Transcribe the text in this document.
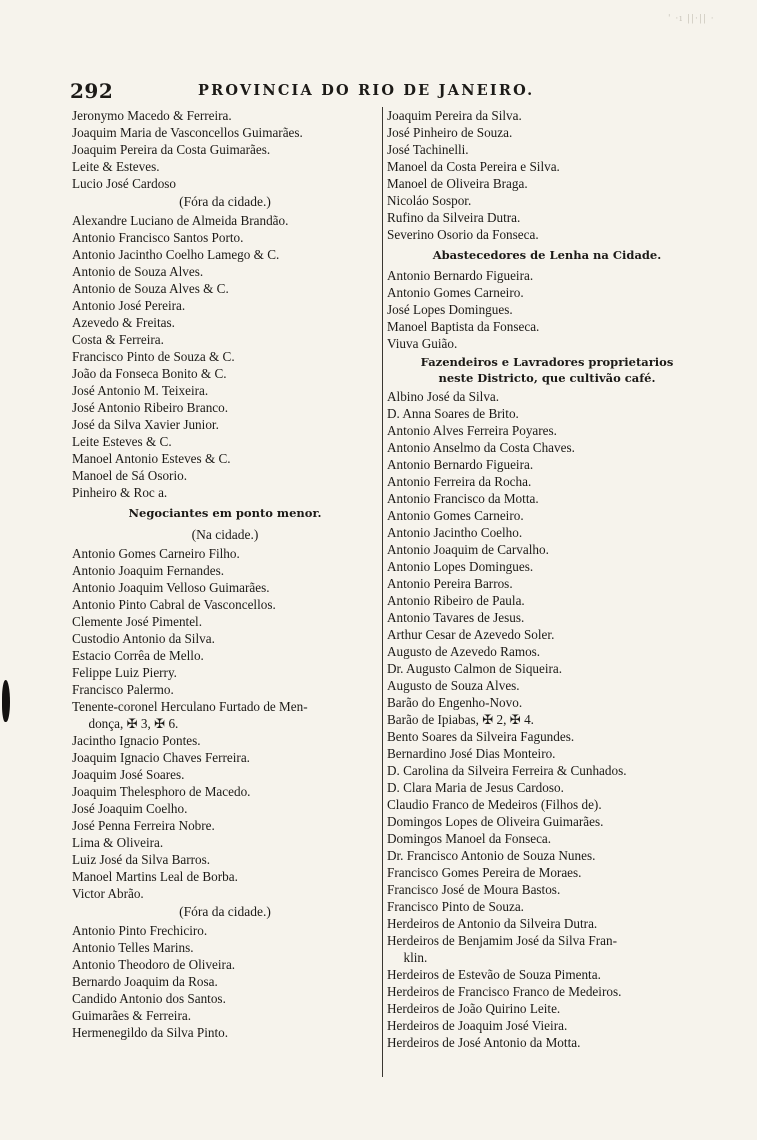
' ·ı ||·|| ·
292	PROVINCIA DO RIO DE JANEIRO.
Jeronymo Macedo & Ferreira.
Joaquim Maria de Vasconcellos Guimarães.
Joaquim Pereira da Costa Guimarães.
Leite & Esteves.
Lucio José Cardoso
(Fóra da cidade.)
Alexandre Luciano de Almeida Brandão.
Antonio Francisco Santos Porto.
Antonio Jacintho Coelho Lamego & C.
Antonio de Souza Alves.
Antonio de Souza Alves & C.
Antonio José Pereira.
Azevedo & Freitas.
Costa & Ferreira.
Francisco Pinto de Souza & C.
João da Fonseca Bonito & C.
José Antonio M. Teixeira.
José Antonio Ribeiro Branco.
José da Silva Xavier Junior.
Leite Esteves & C.
Manoel Antonio Esteves & C.
Manoel de Sá Osorio.
Pinheiro & Roc a.
Negociantes em ponto menor.
(Na cidade.)
Antonio Gomes Carneiro Filho.
Antonio Joaquim Fernandes.
Antonio Joaquim Velloso Guimarães.
Antonio Pinto Cabral de Vasconcellos.
Clemente José Pimentel.
Custodio Antonio da Silva.
Estacio Corrêa de Mello.
Felippe Luiz Pierry.
Francisco Palermo.
Tenente-coronel Herculano Furtado de Men-
donça, ✠ 3, ✠ 6.
Jacintho Ignacio Pontes.
Joaquim Ignacio Chaves Ferreira.
Joaquim José Soares.
Joaquim Thelesphoro de Macedo.
José Joaquim Coelho.
José Penna Ferreira Nobre.
Lima & Oliveira.
Luiz José da Silva Barros.
Manoel Martins Leal de Borba.
Victor Abrão.
(Fóra da cidade.)
Antonio Pinto Frechiciro.
Antonio Telles Marins.
Antonio Theodoro de Oliveira.
Bernardo Joaquim da Rosa.
Candido Antonio dos Santos.
Guimarães & Ferreira.
Hermenegildo da Silva Pinto.
Joaquim Pereira da Silva.
José Pinheiro de Souza.
José Tachinelli.
Manoel da Costa Pereira e Silva.
Manoel de Oliveira Braga.
Nicoláo Sospor.
Rufino da Silveira Dutra.
Severino Osorio da Fonseca.
Abastecedores de Lenha na Cidade.
Antonio Bernardo Figueira.
Antonio Gomes Carneiro.
José Lopes Domingues.
Manoel Baptista da Fonseca.
Viuva Guião.
Fazendeiros e Lavradores proprietarios
neste Districto, que cultivão café.
Albino José da Silva.
D. Anna Soares de Brito.
Antonio Alves Ferreira Poyares.
Antonio Anselmo da Costa Chaves.
Antonio Bernardo Figueira.
Antonio Ferreira da Rocha.
Antonio Francisco da Motta.
Antonio Gomes Carneiro.
Antonio Jacintho Coelho.
Antonio Joaquim de Carvalho.
Antonio Lopes Domingues.
Antonio Pereira Barros.
Antonio Ribeiro de Paula.
Antonio Tavares de Jesus.
Arthur Cesar de Azevedo Soler.
Augusto de Azevedo Ramos.
Dr. Augusto Calmon de Siqueira.
Augusto de Souza Alves.
Barão do Engenho-Novo.
Barão de Ipiabas, ✠ 2, ✠ 4.
Bento Soares da Silveira Fagundes.
Bernardino José Dias Monteiro.
D. Carolina da Silveira Ferreira & Cunhados.
D. Clara Maria de Jesus Cardoso.
Claudio Franco de Medeiros (Filhos de).
Domingos Lopes de Oliveira Guimarães.
Domingos Manoel da Fonseca.
Dr. Francisco Antonio de Souza Nunes.
Francisco Gomes Pereira de Moraes.
Francisco José de Moura Bastos.
Francisco Pinto de Souza.
Herdeiros de Antonio da Silveira Dutra.
Herdeiros de Benjamim José da Silva Fran-
klin.
Herdeiros de Estevão de Souza Pimenta.
Herdeiros de Francisco Franco de Medeiros.
Herdeiros de João Quirino Leite.
Herdeiros de Joaquim José Vieira.
Herdeiros de José Antonio da Motta.
